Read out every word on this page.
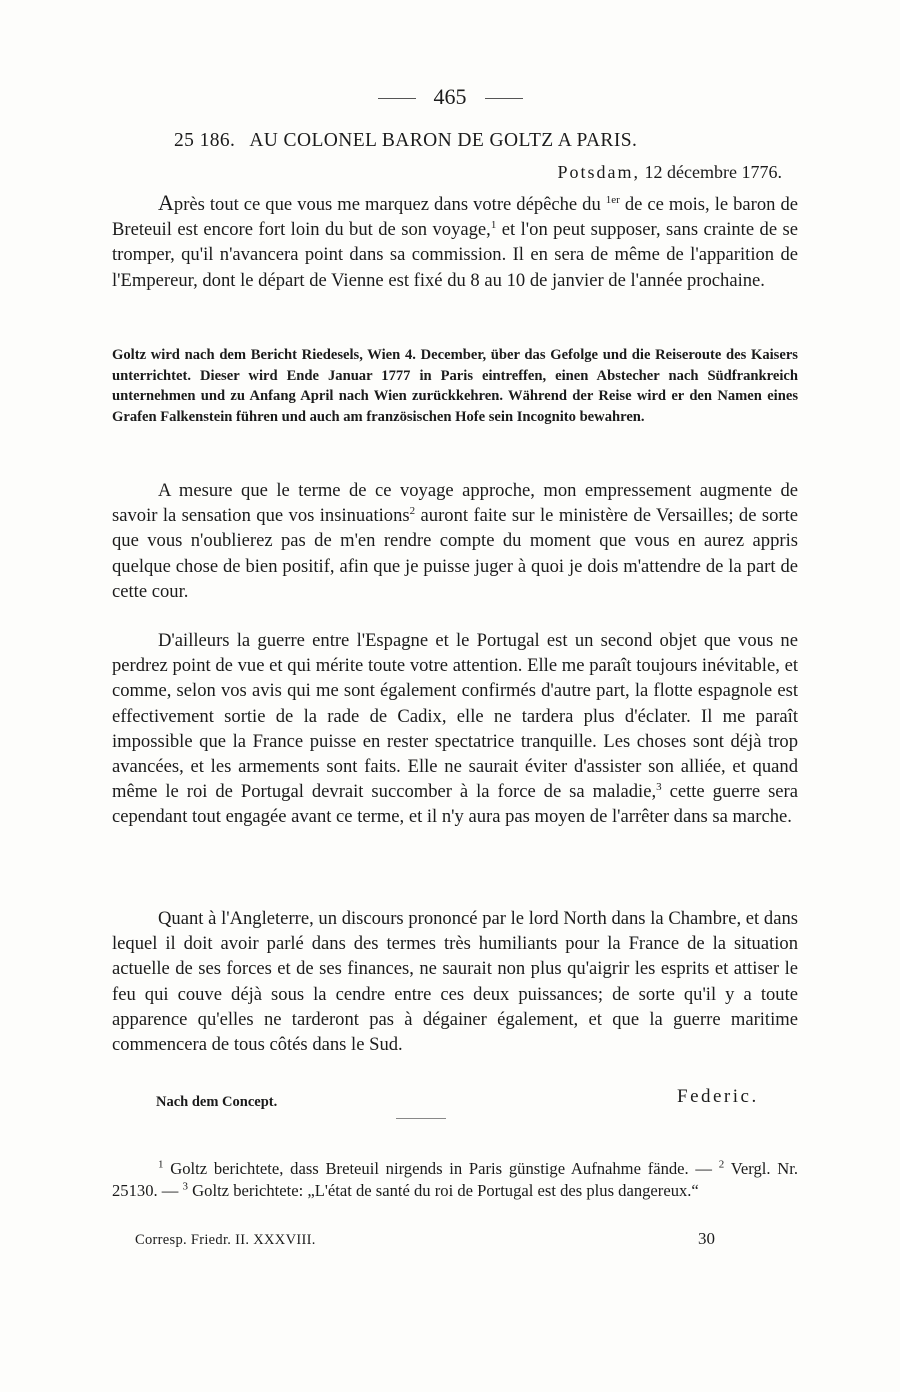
465
25 186. AU COLONEL BARON DE GOLTZ A PARIS.
Potsdam, 12 décembre 1776.

Après tout ce que vous me marquez dans votre dépêche du $^{1er}$ de ce mois, le baron de Breteuil est encore fort loin du but de son voyage,$^1$ et l'on peut supposer, sans crainte de se tromper, qu'il n'avancera point dans sa commission. Il en sera de même de l'apparition de l'Empereur, dont le départ de Vienne est fixé du 8 au 10 de janvier de l'année prochaine.

Goltz wird nach dem Bericht Riedesels, Wien 4. December, über das Gefolge und die Reiseroute des Kaisers unterrichtet. Dieser wird Ende Januar 1777 in Paris eintreffen, einen Abstecher nach Südfrankreich unternehmen und zu Anfang April nach Wien zurückkehren. Während der Reise wird er den Namen eines Grafen Falkenstein führen und auch am französischen Hofe sein Incognito bewahren.

A mesure que le terme de ce voyage approche, mon empressement augmente de savoir la sensation que vos insinuations$^2$ auront faite sur le ministère de Versailles; de sorte que vous n'oublierez pas de m'en rendre compte du moment que vous en aurez appris quelque chose de bien positif, afin que je puisse juger à quoi je dois m'attendre de la part de cette cour.

D'ailleurs la guerre entre l'Espagne et le Portugal est un second objet que vous ne perdrez point de vue et qui mérite toute votre attention. Elle me paraît toujours inévitable, et comme, selon vos avis qui me sont également confirmés d'autre part, la flotte espagnole est effectivement sortie de la rade de Cadix, elle ne tardera plus d'éclater. Il me paraît impossible que la France puisse en rester spectatrice tranquille. Les choses sont déjà trop avancées, et les armements sont faits. Elle ne saurait éviter d'assister son alliée, et quand même le roi de Portugal devrait succomber à la force de sa maladie,$^3$ cette guerre sera cependant tout engagée avant ce terme, et il n'y aura pas moyen de l'arrêter dans sa marche.

Quant à l'Angleterre, un discours prononcé par le lord North dans la Chambre, et dans lequel il doit avoir parlé dans des termes très humiliants pour la France de la situation actuelle de ses forces et de ses finances, ne saurait non plus qu'aigrir les esprits et attiser le feu qui couve déjà sous la cendre entre ces deux puissances; de sorte qu'il y a toute apparence qu'elles ne tarderont pas à dégainer également, et que la guerre maritime commencera de tous côtés dans le Sud.

Nach dem Concept.	Federic.

$^1$ Goltz berichtete, dass Breteuil nirgends in Paris günstige Aufnahme fände. — $^2$ Vergl. Nr. 25130. — $^3$ Goltz berichtete: „L'état de santé du roi de Portugal est des plus dangereux.“

Corresp. Friedr. II. XXXVIII.	30
